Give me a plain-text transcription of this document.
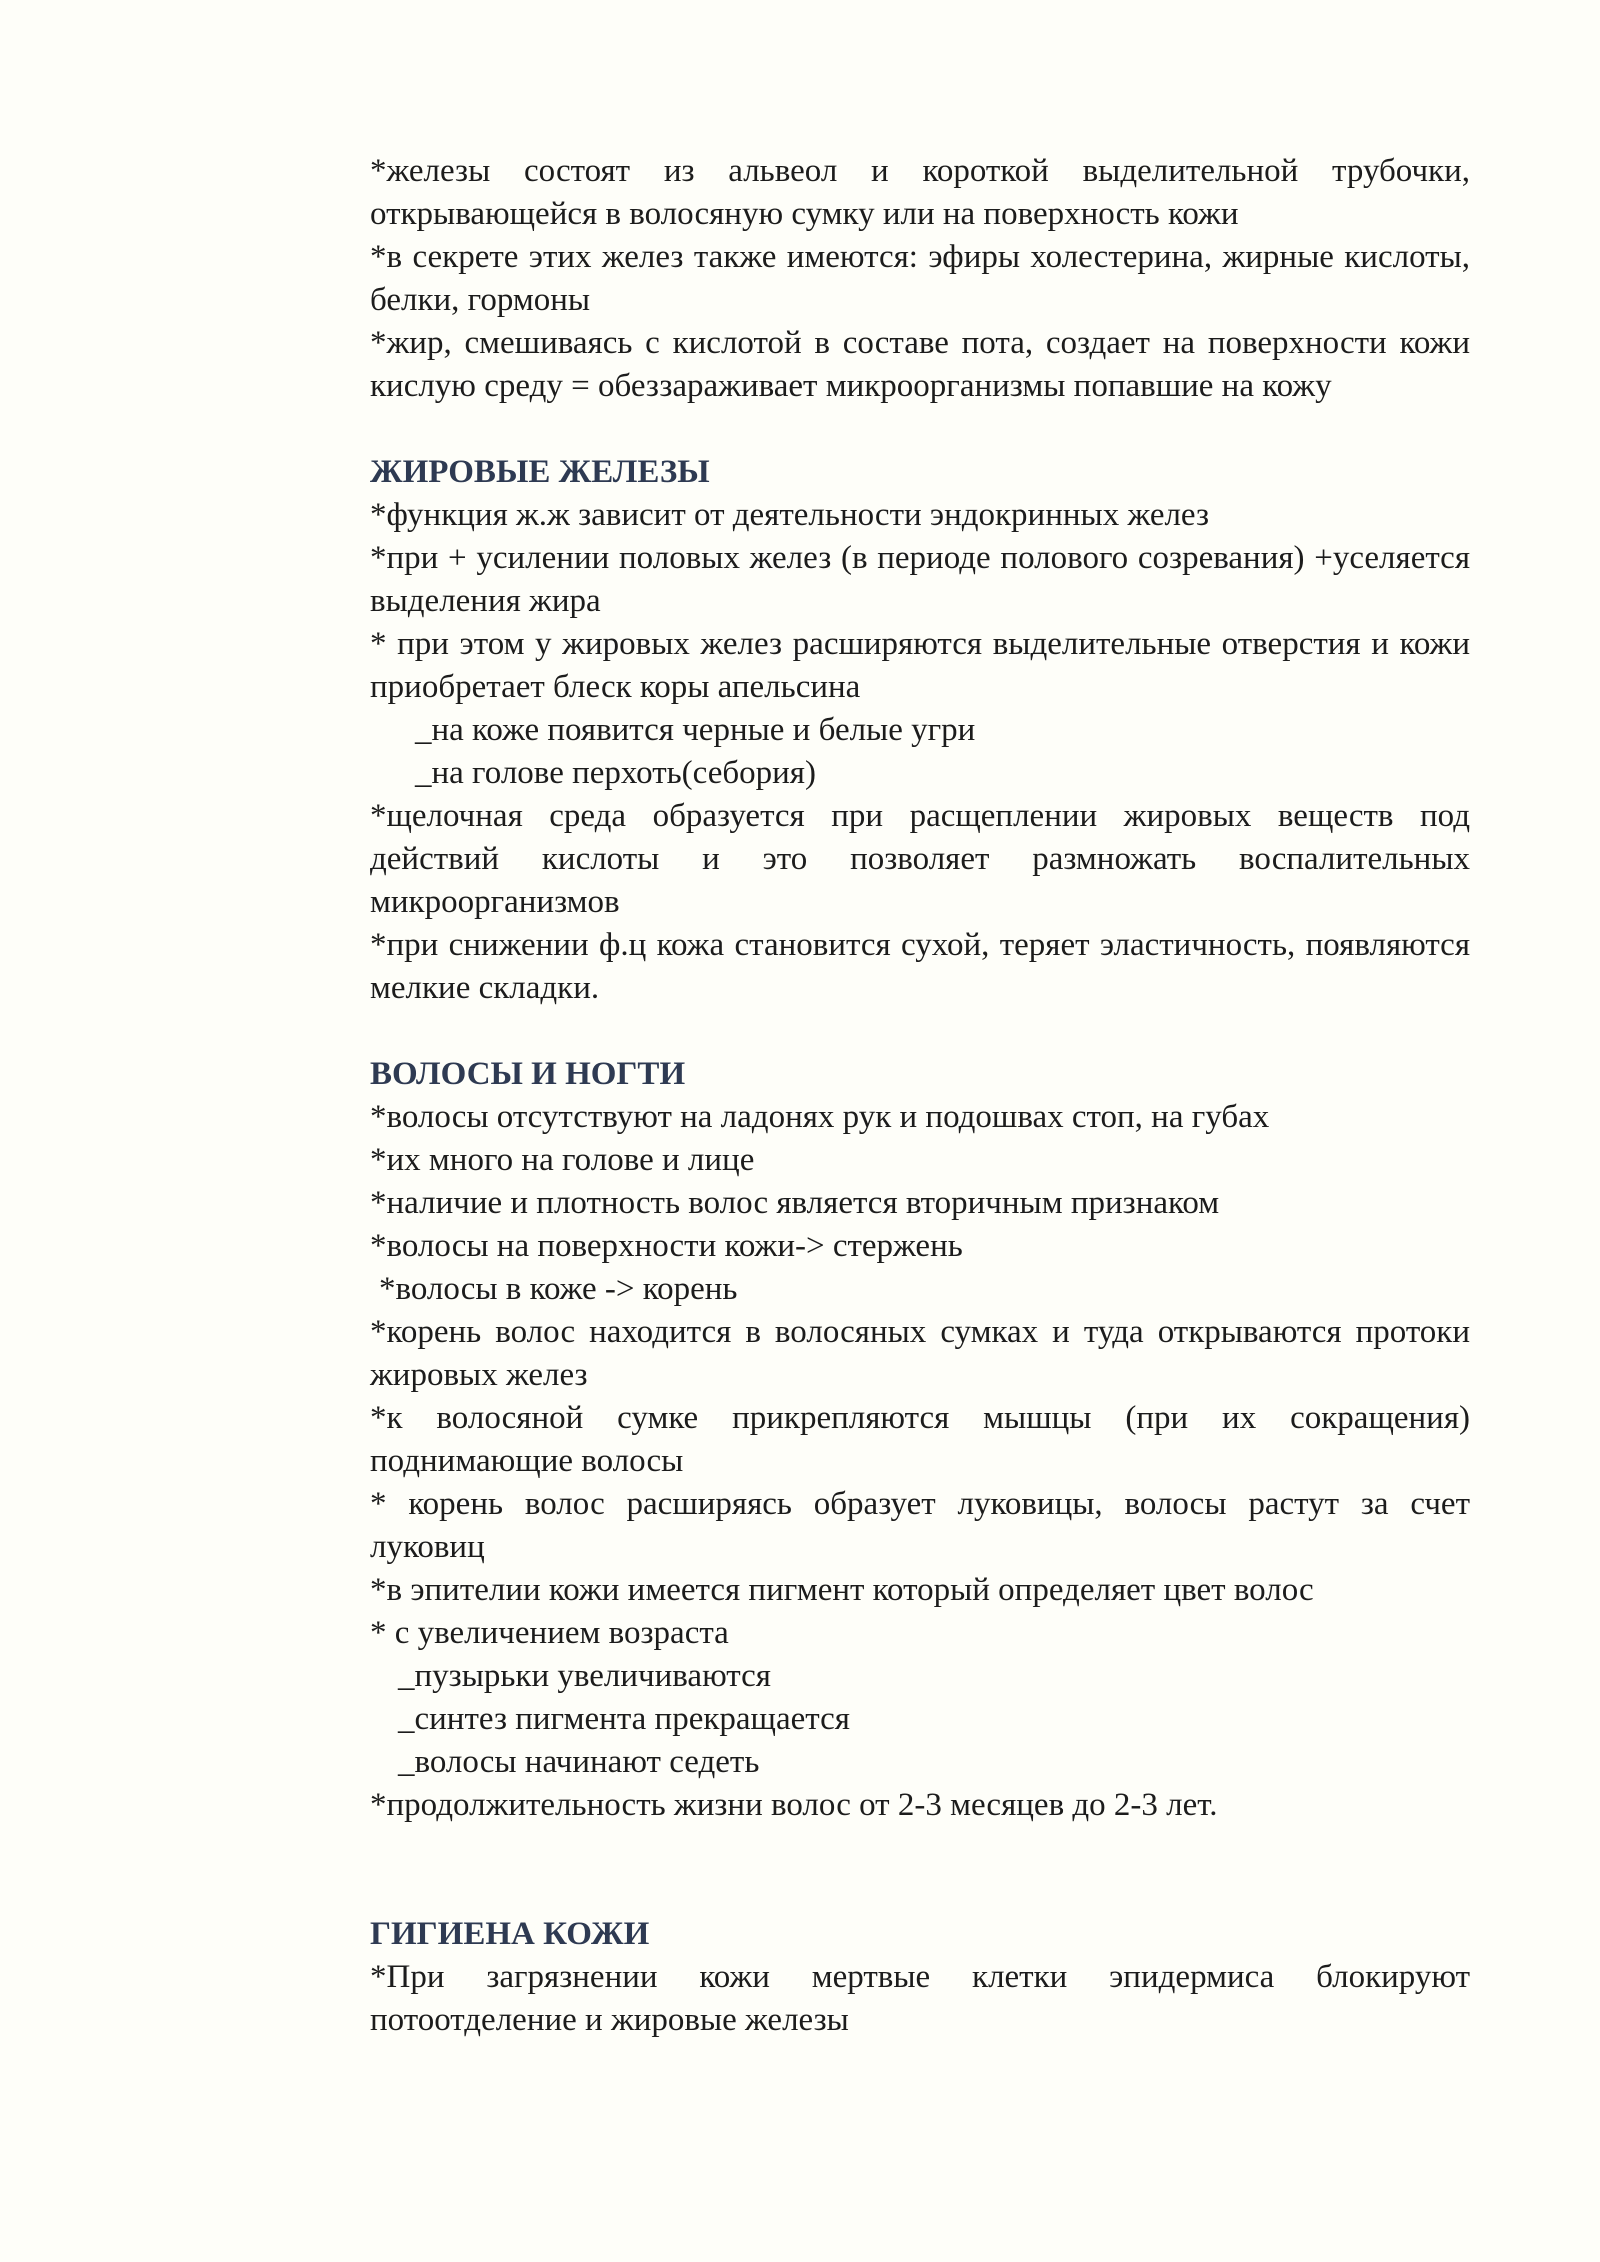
*железы состоят из альвеол и короткой выделительной трубочки, открывающейся в волосяную сумку или на поверхность кожи

*в секрете этих желез также имеются: эфиры холестерина, жирные кислоты, белки, гормоны

*жир, смешиваясь с кислотой в составе пота, создает на поверхности кожи кислую среду = обеззараживает микроорганизмы попавшие на кожу

ЖИРОВЫЕ ЖЕЛЕЗЫ

*функция ж.ж зависит от деятельности эндокринных желез

*при + усилении половых желез (в периоде полового созревания) +уселяется выделения жира

* при этом у жировых желез расширяются выделительные отверстия и кожи приобретает блеск коры апельсина

_на коже появится черные и белые угри

_на голове перхоть(себория)

*щелочная среда образуется при расщеплении жировых веществ под действий кислоты и это позволяет размножать воспалительных микроорганизмов

*при снижении ф.ц кожа становится сухой, теряет эластичность, появляются мелкие складки.

ВОЛОСЫ И НОГТИ

*волосы отсутствуют на ладонях рук и подошвах стоп, на губах

*их много на голове и лице

*наличие и плотность волос является вторичным признаком

*волосы на поверхности кожи-> стержень

*волосы в коже -> корень

*корень волос находится в волосяных сумках и туда открываются протоки жировых желез

*к волосяной сумке прикрепляются мышцы (при их сокращения) поднимающие волосы

* корень волос расширяясь образует луковицы, волосы растут за счет луковиц

*в эпителии кожи имеется пигмент который определяет цвет волос

* с увеличением возраста

_пузырьки увеличиваются

_синтез пигмента прекращается

_волосы начинают седеть

*продолжительность жизни волос от 2-3 месяцев до 2-3 лет.

ГИГИЕНА КОЖИ

*При загрязнении кожи мертвые клетки эпидермиса блокируют потоотделение и жировые железы
